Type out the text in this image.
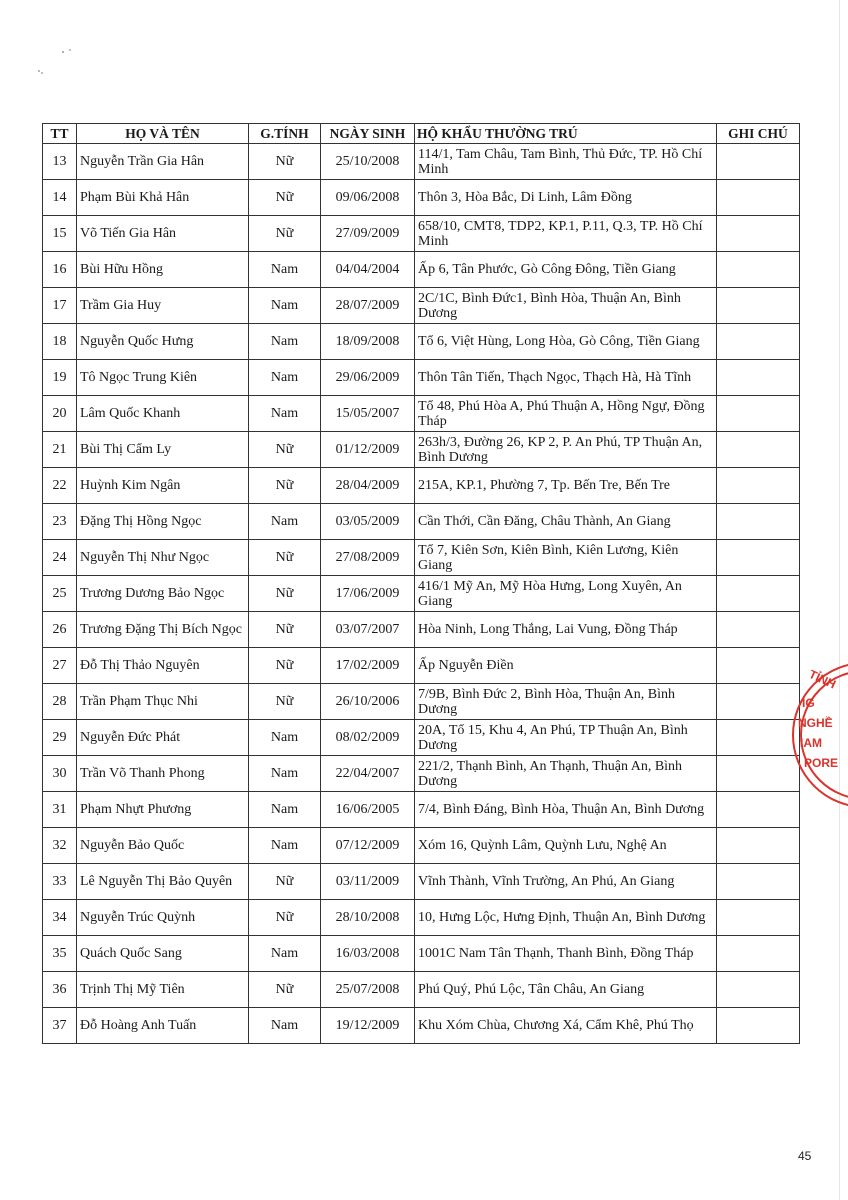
TT	HỌ VÀ TÊN	G.TÍNH	NGÀY SINH	HỘ KHẨU THƯỜNG TRÚ	GHI CHÚ
13	Nguyễn Trần Gia Hân	Nữ	25/10/2008	114/1, Tam Châu, Tam Bình, Thủ Đức, TP. Hồ Chí Minh	
14	Phạm Bùi Khả Hân	Nữ	09/06/2008	Thôn 3, Hòa Bắc, Di Linh, Lâm Đồng	
15	Võ Tiến Gia Hân	Nữ	27/09/2009	658/10, CMT8, TDP2, KP.1, P.11, Q.3, TP. Hồ Chí Minh	
16	Bùi Hữu Hồng	Nam	04/04/2004	Ấp 6, Tân Phước, Gò Công Đông, Tiền Giang	
17	Trầm Gia Huy	Nam	28/07/2009	2C/1C, Bình Đức1, Bình Hòa, Thuận An, Bình Dương	
18	Nguyễn Quốc Hưng	Nam	18/09/2008	Tổ 6, Việt Hùng, Long Hòa, Gò Công, Tiền Giang	
19	Tô Ngọc Trung Kiên	Nam	29/06/2009	Thôn Tân Tiến, Thạch Ngọc, Thạch Hà, Hà Tĩnh	
20	Lâm Quốc Khanh	Nam	15/05/2007	Tổ 48, Phú Hòa A, Phú Thuận A, Hồng Ngự, Đồng Tháp	
21	Bùi Thị Cẩm Ly	Nữ	01/12/2009	263h/3, Đường 26, KP 2, P. An Phú, TP Thuận An, Bình Dương	
22	Huỳnh Kim Ngân	Nữ	28/04/2009	215A, KP.1, Phường 7, Tp. Bến Tre, Bến Tre	
23	Đặng Thị Hồng Ngọc	Nam	03/05/2009	Cần Thới, Cần Đăng, Châu Thành, An Giang	
24	Nguyễn Thị Như Ngọc	Nữ	27/08/2009	Tổ 7, Kiên Sơn, Kiên Bình, Kiên Lương, Kiên Giang	
25	Trương Dương Bảo Ngọc	Nữ	17/06/2009	416/1 Mỹ An, Mỹ Hòa Hưng, Long Xuyên, An Giang	
26	Trương Đặng Thị Bích Ngọc	Nữ	03/07/2007	Hòa Ninh, Long Thắng, Lai Vung, Đồng Tháp	
27	Đỗ Thị Thảo Nguyên	Nữ	17/02/2009	Ấp Nguyễn Điền	
28	Trần Phạm Thục Nhi	Nữ	26/10/2006	7/9B, Bình Đức 2, Bình Hòa, Thuận An, Bình Dương	
29	Nguyễn Đức Phát	Nam	08/02/2009	20A, Tổ 15, Khu 4, An Phú, TP Thuận An, Bình Dương	
30	Trần Võ Thanh Phong	Nam	22/04/2007	221/2, Thạnh Bình, An Thạnh, Thuận An, Bình Dương	
31	Phạm Nhựt Phương	Nam	16/06/2005	7/4, Bình Đáng, Bình Hòa, Thuận An, Bình Dương	
32	Nguyễn Bảo Quốc	Nam	07/12/2009	Xóm 16, Quỳnh Lâm, Quỳnh Lưu, Nghệ An	
33	Lê Nguyễn Thị Bảo Quyên	Nữ	03/11/2009	Vĩnh Thành, Vĩnh Trường, An Phú, An Giang	
34	Nguyễn Trúc Quỳnh	Nữ	28/10/2008	10, Hưng Lộc, Hưng Định, Thuận An, Bình Dương	
35	Quách Quốc Sang	Nam	16/03/2008	1001C Nam Tân Thạnh, Thanh Bình, Đồng Tháp	
36	Trịnh Thị Mỹ Tiên	Nữ	25/07/2008	Phú Quý, Phú Lộc, Tân Châu, An Giang	
37	Đỗ Hoàng Anh Tuấn	Nam	19/12/2009	Khu Xóm Chùa, Chương Xá, Cẩm Khê, Phú Thọ	
TỈNH
IG
NGHỀ
IAM
PORE
45
